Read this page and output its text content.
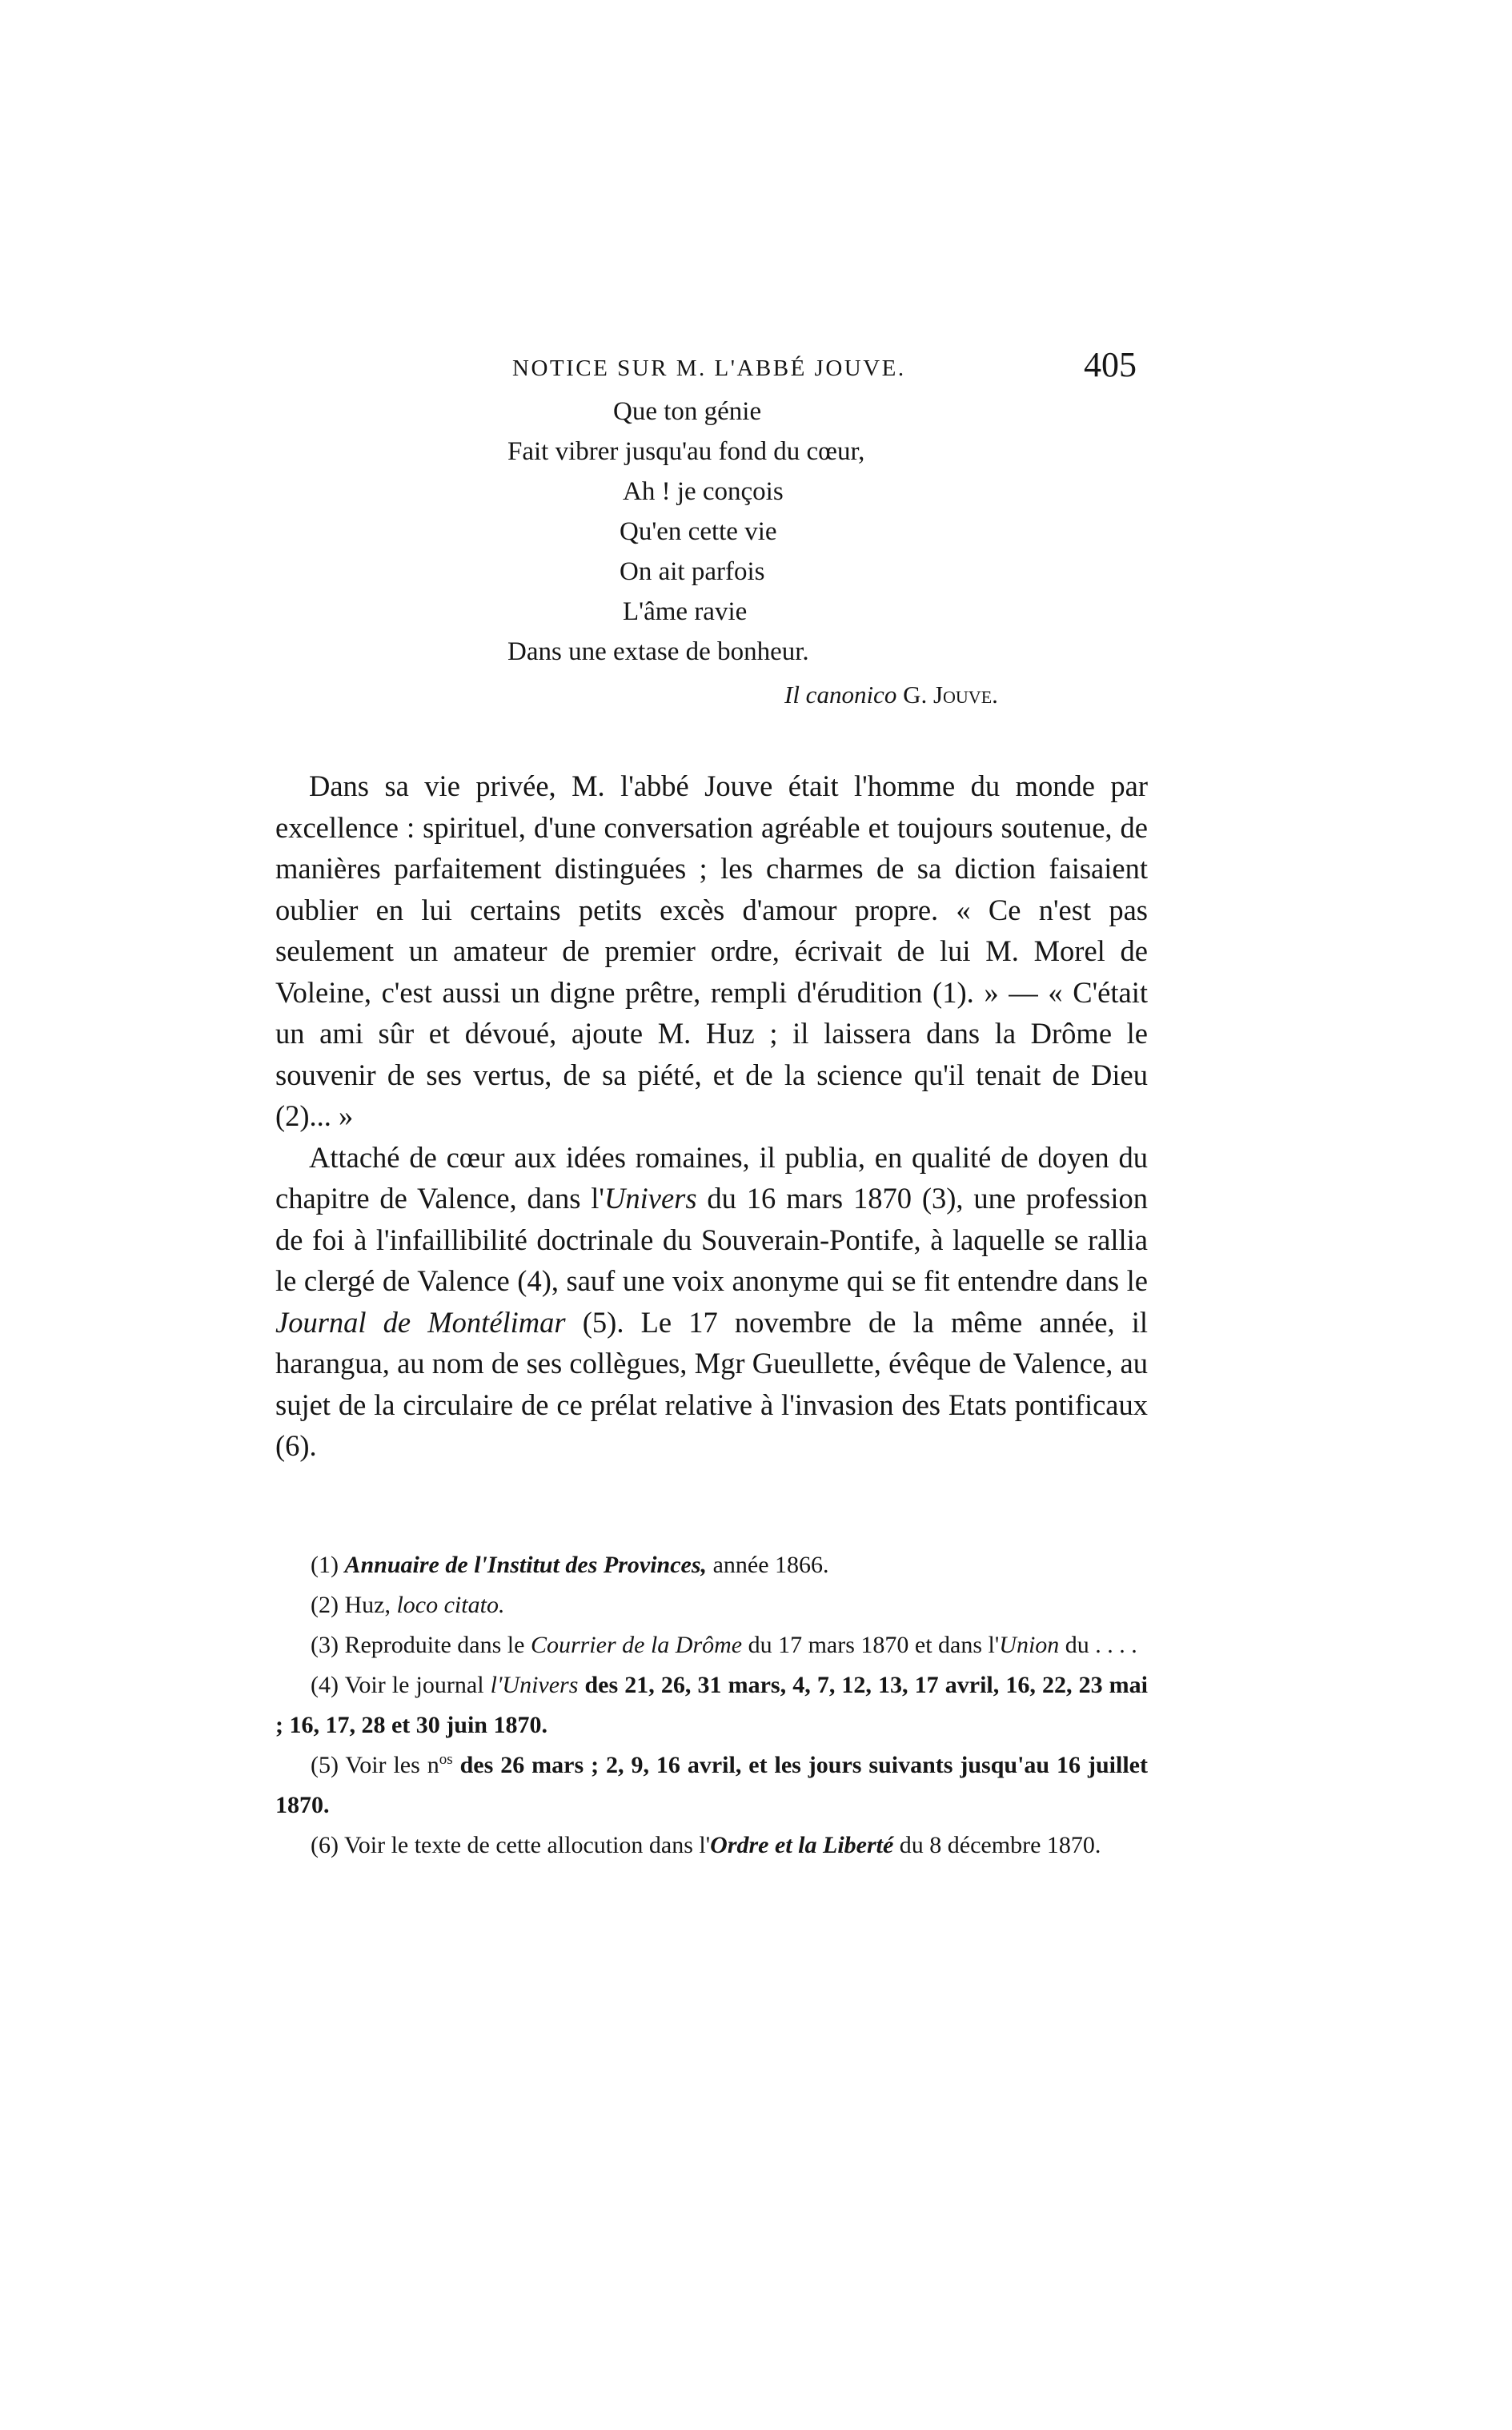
NOTICE SUR M. L'ABBÉ JOUVE.	405
Que ton génie
Fait vibrer jusqu'au fond du cœur,
Ah ! je conçois
Qu'en cette vie
On ait parfois
L'âme ravie
Dans une extase de bonheur.
Il canonico G. Jouve.

Dans sa vie privée, M. l'abbé Jouve était l'homme du monde par excellence : spirituel, d'une conversation agréable et toujours soutenue, de manières parfaitement distinguées ; les charmes de sa diction faisaient oublier en lui certains petits excès d'amour propre. « Ce n'est pas seulement un amateur de premier ordre, écrivait de lui M. Morel de Voleine, c'est aussi un digne prêtre, rempli d'érudition (1). » — « C'était un ami sûr et dévoué, ajoute M. Huz ; il laissera dans la Drôme le souvenir de ses vertus, de sa piété, et de la science qu'il tenait de Dieu (2)... »

Attaché de cœur aux idées romaines, il publia, en qualité de doyen du chapitre de Valence, dans l'Univers du 16 mars 1870 (3), une profession de foi à l'infaillibilité doctrinale du Souverain-Pontife, à laquelle se rallia le clergé de Valence (4), sauf une voix anonyme qui se fit entendre dans le Journal de Montélimar (5). Le 17 novembre de la même année, il harangua, au nom de ses collègues, Mgr Gueullette, évêque de Valence, au sujet de la circulaire de ce prélat relative à l'invasion des Etats pontificaux (6).

(1) Annuaire de l'Institut des Provinces, année 1866.

(2) Huz, loco citato.

(3) Reproduite dans le Courrier de la Drôme du 17 mars 1870 et dans l'Union du . . . .

(4) Voir le journal l'Univers des 21, 26, 31 mars, 4, 7, 12, 13, 17 avril, 16, 22, 23 mai ; 16, 17, 28 et 30 juin 1870.

(5) Voir les $n^{os}$ des 26 mars ; 2, 9, 16 avril, et les jours suivants jusqu'au 16 juillet 1870.

(6) Voir le texte de cette allocution dans l'Ordre et la Liberté du 8 décembre 1870.
